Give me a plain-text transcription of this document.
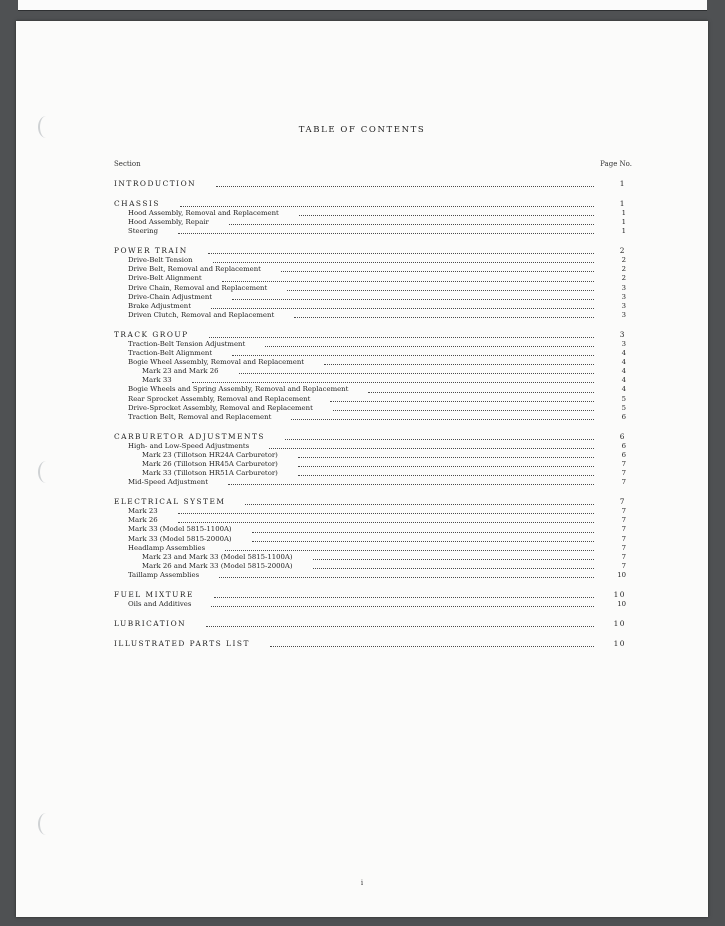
TABLE OF CONTENTS
Section	Page No.
INTRODUCTION	1
CHASSIS	1
Hood Assembly, Removal and Replacement	1
Hood Assembly, Repair	1
Steering	1
POWER TRAIN	2
Drive-Belt Tension	2
Drive Belt, Removal and Replacement	2
Drive-Belt Alignment	2
Drive Chain, Removal and Replacement	3
Drive-Chain Adjustment	3
Brake Adjustment	3
Driven Clutch, Removal and Replacement	3
TRACK GROUP	3
Traction-Belt Tension Adjustment	3
Traction-Belt Alignment	4
Bogie Wheel Assembly, Removal and Replacement	4
Mark 23 and Mark 26	4
Mark 33	4
Bogie Wheels and Spring Assembly, Removal and Replacement	4
Rear Sprocket Assembly, Removal and Replacement	5
Drive-Sprocket Assembly, Removal and Replacement	5
Traction Belt, Removal and Replacement	6
CARBURETOR ADJUSTMENTS	6
High- and Low-Speed Adjustments	6
Mark 23 (Tillotson HR24A Carburetor)	6
Mark 26 (Tillotson HR45A Carburetor)	7
Mark 33 (Tillotson HR51A Carburetor)	7
Mid-Speed Adjustment	7
ELECTRICAL SYSTEM	7
Mark 23	7
Mark 26	7
Mark 33 (Model 5815-1100A)	7
Mark 33 (Model 5815-2000A)	7
Headlamp Assemblies	7
Mark 23 and Mark 33 (Model 5815-1100A)	7
Mark 26 and Mark 33 (Model 5815-2000A)	7
Taillamp Assemblies	10
FUEL MIXTURE	10
Oils and Additives	10
LUBRICATION	10
ILLUSTRATED PARTS LIST	10
i
